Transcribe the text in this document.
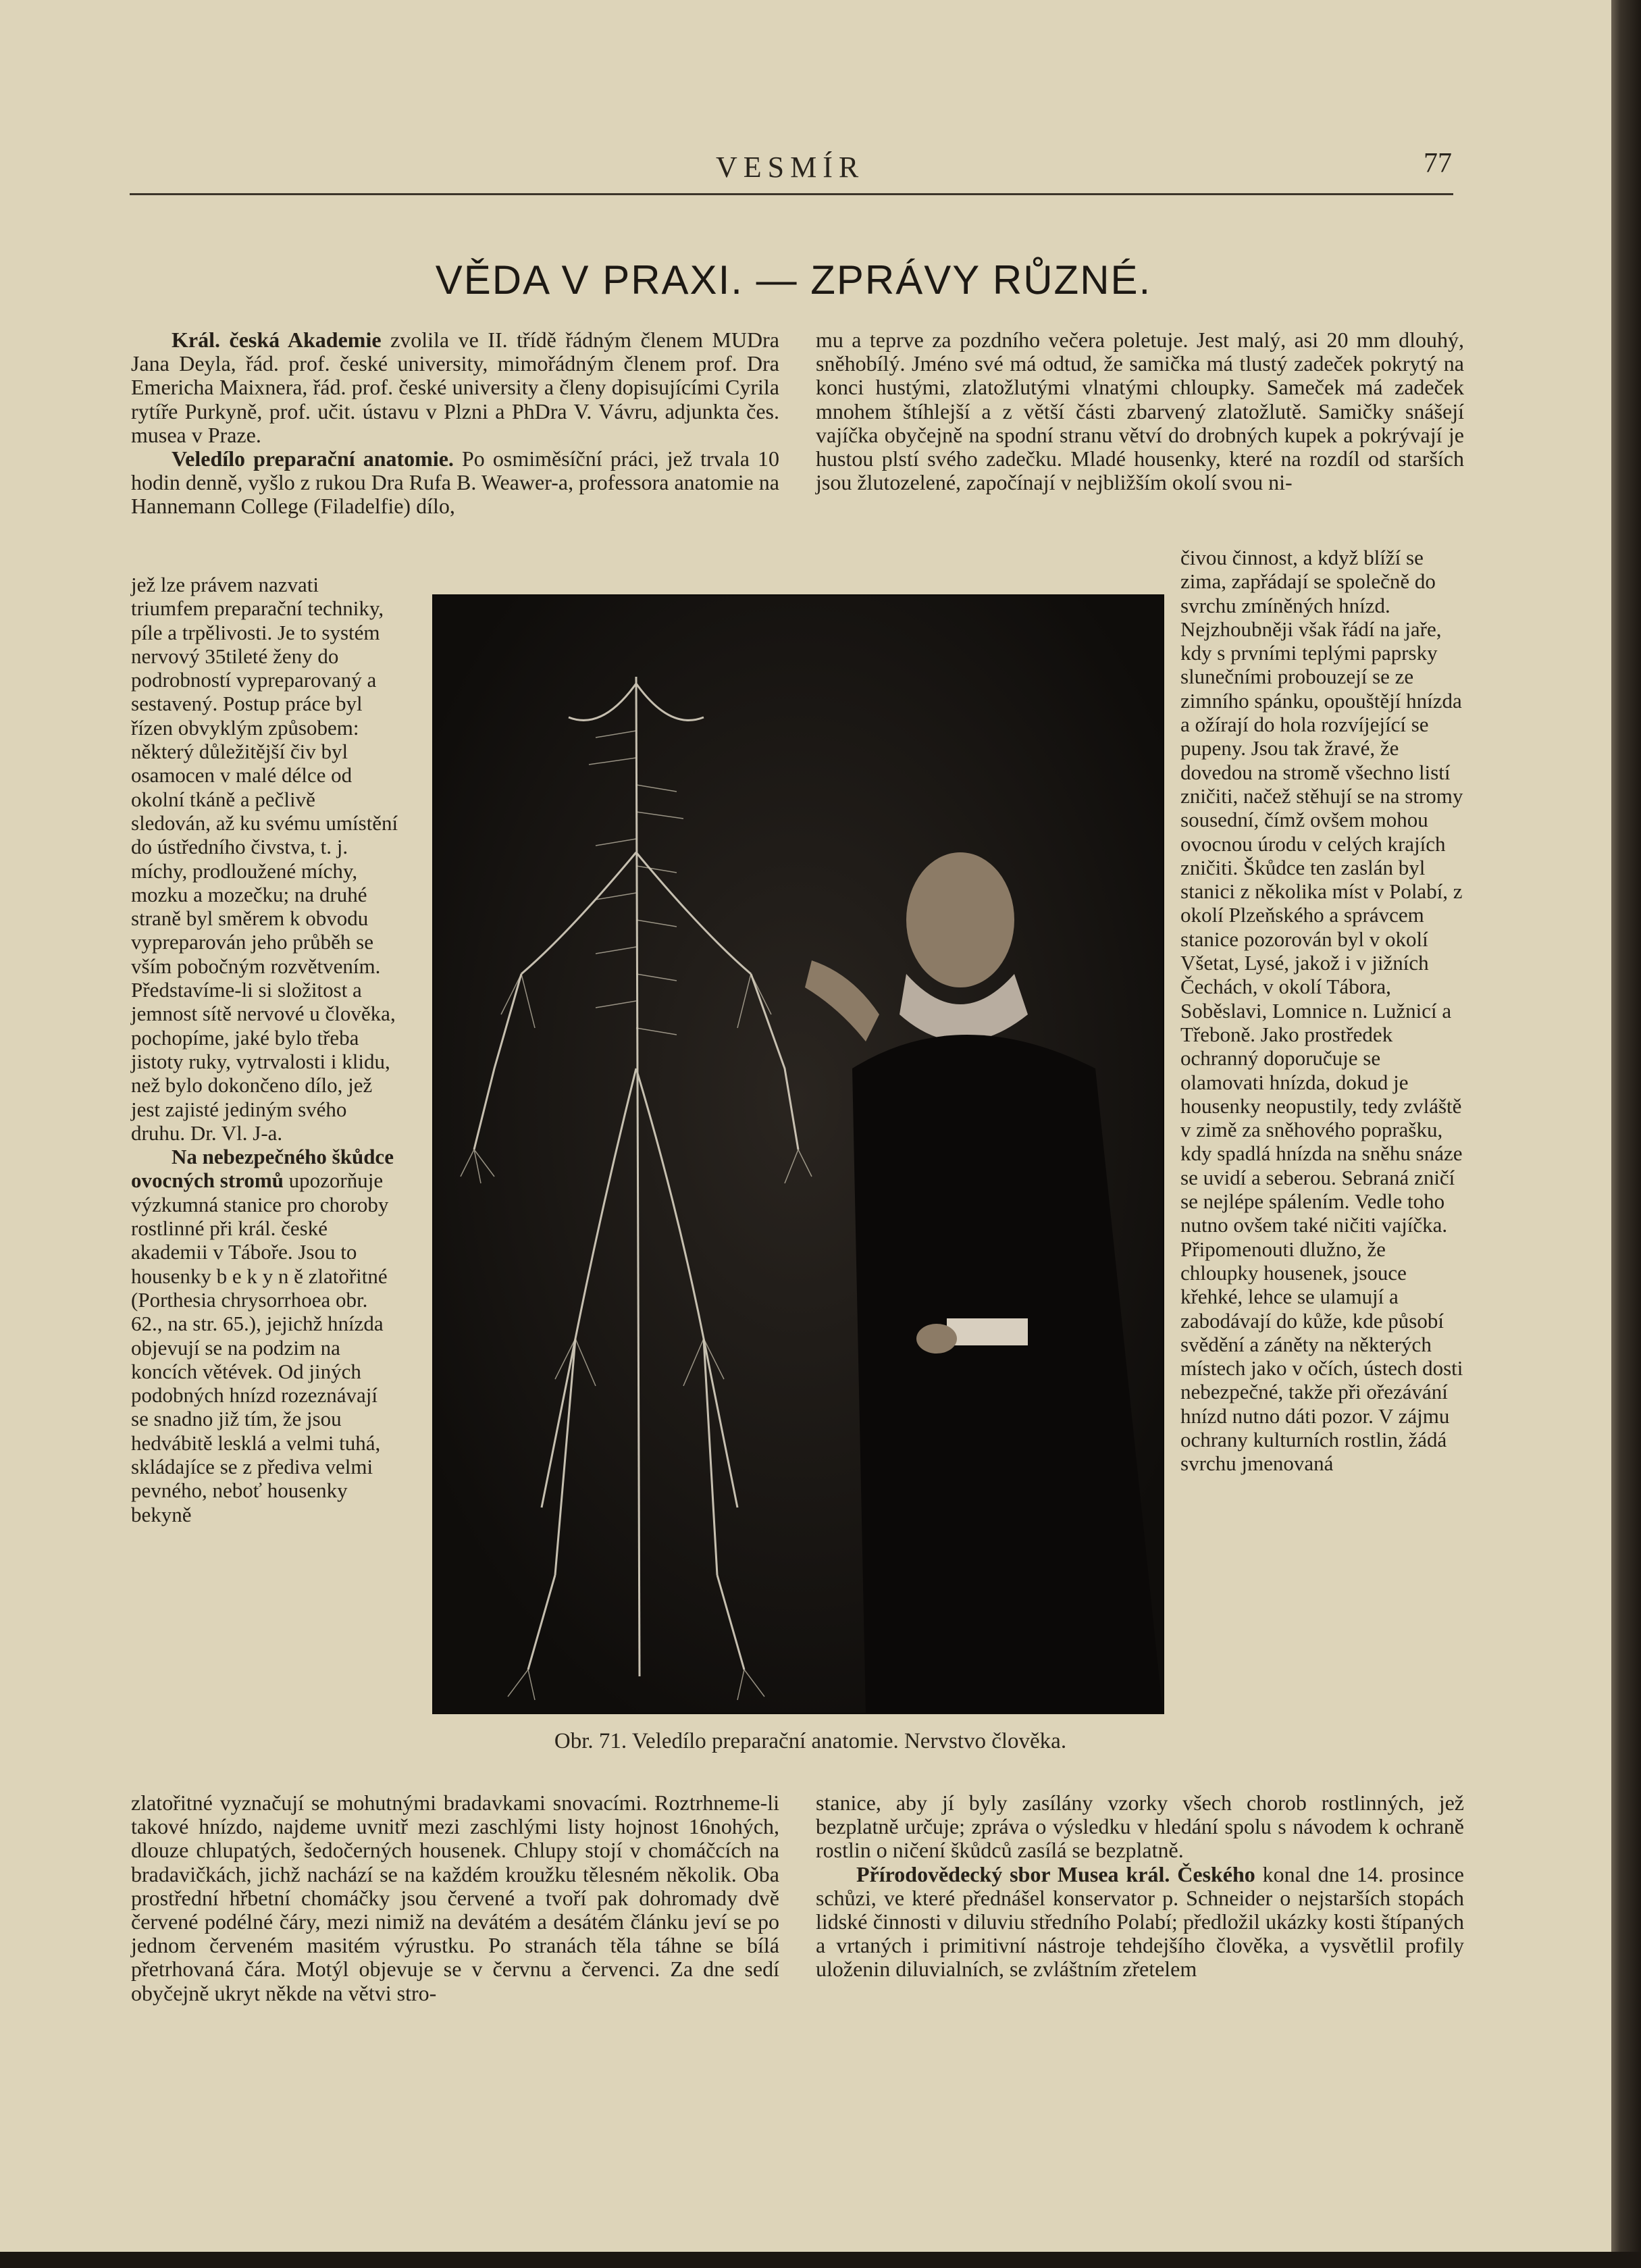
VESMÍR	77
VĚDA V PRAXI. — ZPRÁVY RŮZNÉ.

Král. česká Akademie zvolila ve II. třídě řádným členem MUDra Jana Deyla, řád. prof. české university, mimořádným členem prof. Dra Emericha Maixnera, řád. prof. české university a členy dopisujícími Cyrila rytíře Purkyně, prof. učit. ústavu v Plzni a PhDra V. Vávru, adjunkta čes. musea v Praze.

Veledílo preparační anatomie. Po osmiměsíční práci, jež trvala 10 hodin denně, vyšlo z rukou Dra Rufa B. Weawer-a, professora anatomie na Hannemann College (Filadelfie) dílo,

jež lze právem nazvati triumfem preparační techniky, píle a trpělivosti. Je to systém nervový 35tileté ženy do podrobností vypreparovaný a sestavený. Postup práce byl řízen obvyklým způsobem: některý důležitější čiv byl osamocen v malé délce od okolní tkáně a pečlivě sledován, až ku svému umístění do ústředního čivstva, t. j. míchy, prodloužené míchy, mozku a mozečku; na druhé straně byl směrem k obvodu vypreparován jeho průběh se vším pobočným rozvětvením. Představíme-li si složitost a jemnost sítě nervové u člověka, pochopíme, jaké bylo třeba jistoty ruky, vytrvalosti i klidu, než bylo dokončeno dílo, jež jest zajisté jediným svého druhu. Dr. Vl. J-a.

Na nebezpečného škůdce ovocných stromů upozorňuje výzkumná stanice pro choroby rostlinné při král. české akademii v Táboře. Jsou to housenky b e k y n ě zlatořitné (Porthesia chrysorrhoea obr. 62., na str. 65.), jejichž hnízda objevují se na podzim na koncích větévek. Od jiných podobných hnízd rozeznávají se snadno již tím, že jsou hedvábitě lesklá a velmi tuhá, skládajíce se z přediva velmi pevného, neboť housenky bekyně

mu a teprve za pozdního večera poletuje. Jest malý, asi 20 mm dlouhý, sněhobílý. Jméno své má odtud, že samička má tlustý zadeček pokrytý na konci hustými, zlatožlutými vlnatými chloupky. Sameček má zadeček mnohem štíhlejší a z větší části zbarvený zlatožlutě. Samičky snášejí vajíčka obyčejně na spodní stranu větví do drobných kupek a pokrývají je hustou plstí svého zadečku. Mladé housenky, které na rozdíl od starších jsou žlutozelené, započínají v nejbližším okolí svou ni-

čivou činnost, a když blíží se zima, zapřádají se společně do svrchu zmíněných hnízd. Nejzhoubněji však řádí na jaře, kdy s prvními teplými paprsky slunečními probouzejí se ze zimního spánku, opouštějí hnízda a ožírají do hola rozvíjející se pupeny. Jsou tak žravé, že dovedou na stromě všechno listí zničiti, načež stěhují se na stromy sousední, čímž ovšem mohou ovocnou úrodu v celých krajích zničiti. Škůdce ten zaslán byl stanici z několika míst v Polabí, z okolí Plzeňského a správcem stanice pozorován byl v okolí Všetat, Lysé, jakož i v jižních Čechách, v okolí Tábora, Soběslavi, Lomnice n. Lužnicí a Třeboně. Jako prostředek ochranný doporučuje se olamovati hnízda, dokud je housenky neopustily, tedy zvláště v zimě za sněhového poprašku, kdy spadlá hnízda na sněhu snáze se uvidí a seberou. Sebraná zničí se nejlépe spálením. Vedle toho nutno ovšem také ničiti vajíčka. Připomenouti dlužno, že chloupky housenek, jsouce křehké, lehce se ulamují a zabodávají do kůže, kde působí svědění a záněty na některých místech jako v očích, ústech dosti nebezpečné, takže při ořezávání hnízd nutno dáti pozor. V zájmu ochrany kulturních rostlin, žádá svrchu jmenovaná

Obr. 71. Veledílo preparační anatomie. Nervstvo člověka.

zlatořitné vyznačují se mohutnými bradavkami snovacími. Roztrhneme-li takové hnízdo, najdeme uvnitř mezi zaschlými listy hojnost 16nohých, dlouze chlupatých, šedočerných housenek. Chlupy stojí v chomáčcích na bradavičkách, jichž nachází se na každém kroužku tělesném několik. Oba prostřední hřbetní chomáčky jsou červené a tvoří pak dohromady dvě červené podélné čáry, mezi nimiž na devátém a desátém článku jeví se po jednom červeném masitém výrustku. Po stranách těla táhne se bílá přetrhovaná čára. Motýl objevuje se v červnu a červenci. Za dne sedí obyčejně ukryt někde na větvi stro-

stanice, aby jí byly zasílány vzorky všech chorob rostlinných, jež bezplatně určuje; zpráva o výsledku v hledání spolu s návodem k ochraně rostlin o ničení škůdců zasílá se bezplatně.

Přírodovědecký sbor Musea král. Českého konal dne 14. prosince schůzi, ve které přednášel konservator p. Schneider o nejstarších stopách lidské činnosti v diluviu středního Polabí; předložil ukázky kosti štípaných a vrtaných i primitivní nástroje tehdejšího člověka, a vysvětlil profily uloženin diluvialních, se zvláštním zřetelem
